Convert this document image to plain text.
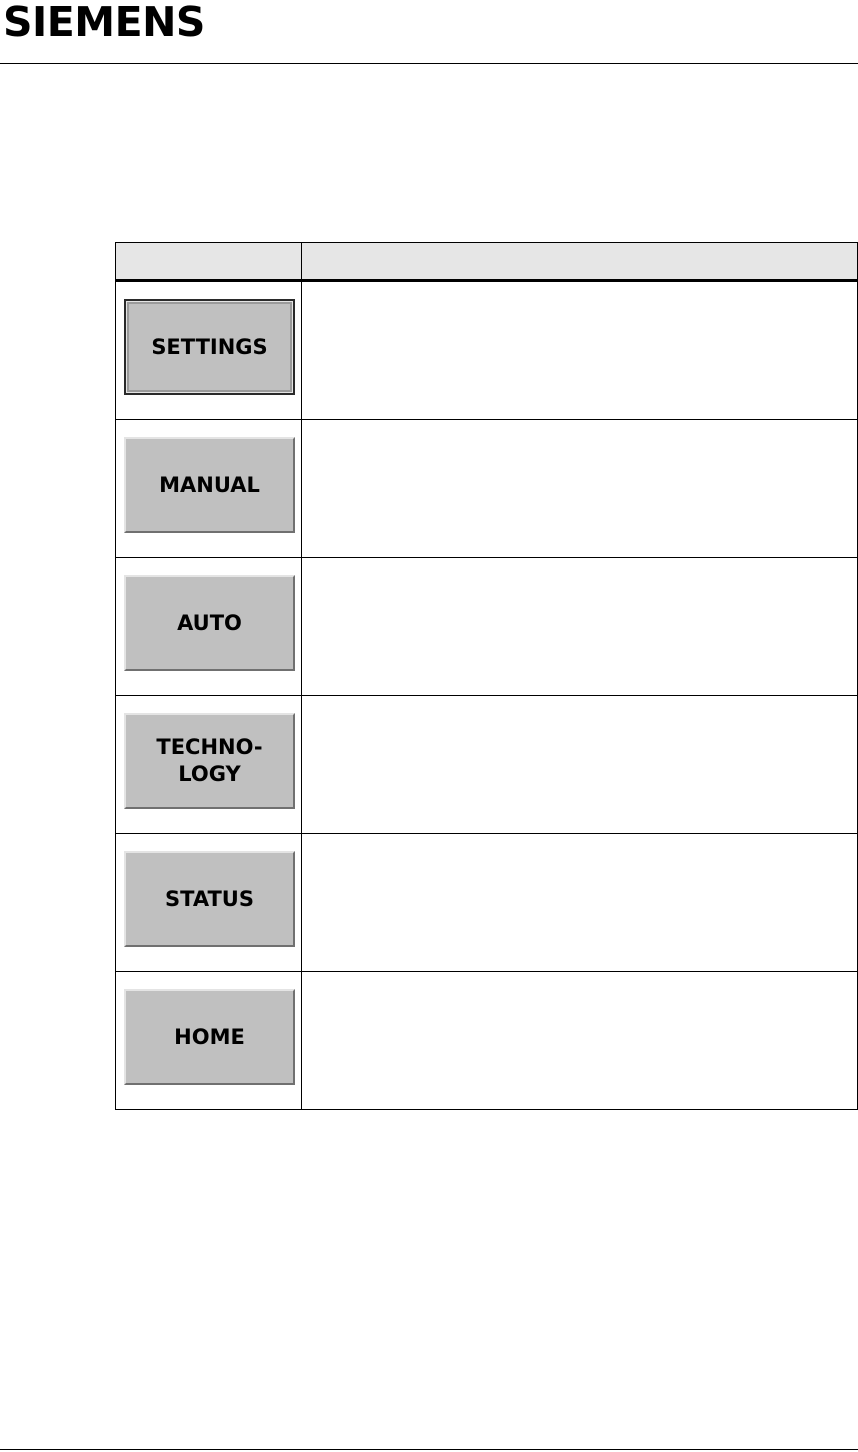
SIEMENS

SETTINGS	

MANUAL	

AUTO	

TECHNO-
LOGY	

STATUS	

HOME	
